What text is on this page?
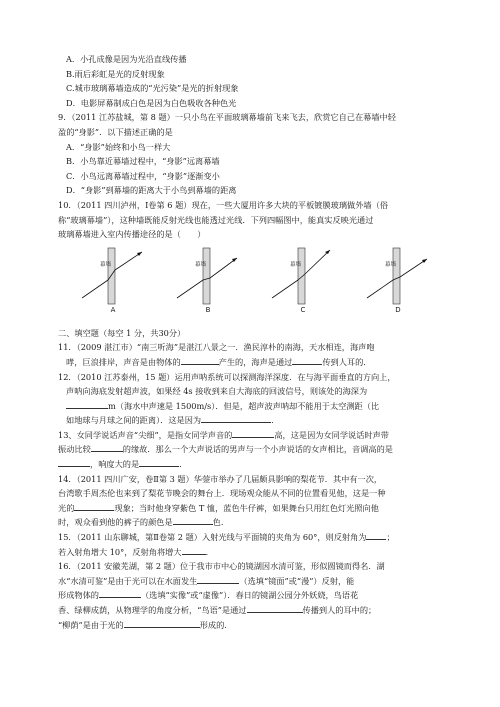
A．小孔成像是因为光沿直线传播
B.雨后彩虹是光的反射现象
C.城市玻璃幕墙造成的“光污染”是光的折射现象
D．电影屏幕制成白色是因为白色吸收各种色光
9．（2011 江苏盐城，第 8 题）一只小鸟在平面玻璃幕墙前飞来飞去，欣赏它自己在幕墙中轻
盈的“身影”．以下描述正确的是
A．“身影”始终和小鸟一样大
B．小鸟靠近幕墙过程中，“身影”远离幕墙
C．小鸟远离幕墙过程中，“身影”逐渐变小
D．“身影”到幕墙的距离大于小鸟到幕墙的距离
10．（2011 四川泸州，Ⅰ卷第 6 题）现在，一些大厦用许多大块的平板镀膜玻璃做外墙（俗
称“玻璃幕墙”），这种墙既能反射光线也能透过光线．下列四幅图中，能真实反映光通过
玻璃幕墙进入室内传播途径的是（　　）
幕墙
A
幕墙
B
幕墙
C
幕墙
D
二、填空题（每空 1 分，共30分）
11．（2009 湛江市）“南三听海”是湛江八景之一．渔民淳朴的南海，天水相连，海声咆
哮，巨浪排岸，声音是由物体的	产生的，海声是通过	传到人耳的.
12．（2010 江苏泰州，15 题）运用声呐系统可以探测海洋深度．在与海平面垂直的方向上，
声呐向海底发射超声波，如果经 4s 接收到来自大海底的回波信号，则该处的海深为
m（海水中声速是 1500m/s）．但是，超声波声呐却不能用于太空测距（比
如地球与月球之间的距离）．这是因为	.
13、女同学说话声音“尖细”，是指女同学声音的	高，这是因为女同学说话时声带
振动比较	的缘故．那么一个大声说话的男声与一个小声说话的女声相比，音调高的是
，响度大的是	.
14．（2011 四川广安，卷Ⅱ第 3 题）华蓥市举办了几届颇具影响的梨花节．其中有一次，
台湾歌手周杰伦也来到了梨花节晚会的舞台上．现场观众能从不同的位置看见他，这是一种
光的	现象；当时他身穿紫色 T 恤，蓝色牛仔裤，如果舞台只用红色灯光照向他
时，观众看到他的裤子的颜色是	色.
15．（2011 山东聊城，第Ⅱ卷第 2 题）入射光线与平面镜的夹角为 60°，则反射角为 ；
若入射角增大 10°，反射角将增大	.
16．（2011 安徽芜湖，第 2 题）位于我市市中心的镜湖因水清可鉴，形似圆镜而得名．湖
水“水清可鉴”是由于光可以在水面发生	（选填“镜面”或“漫”）反射，能
形成物体的	（选填“实像”或“虚像”）．春日的镜湖公园分外妖娆，鸟语花
香、绿柳成荫，从物理学的角度分析，“鸟语”是通过	传播到人的耳中的；
“柳荫”是由于光的	形成的.
